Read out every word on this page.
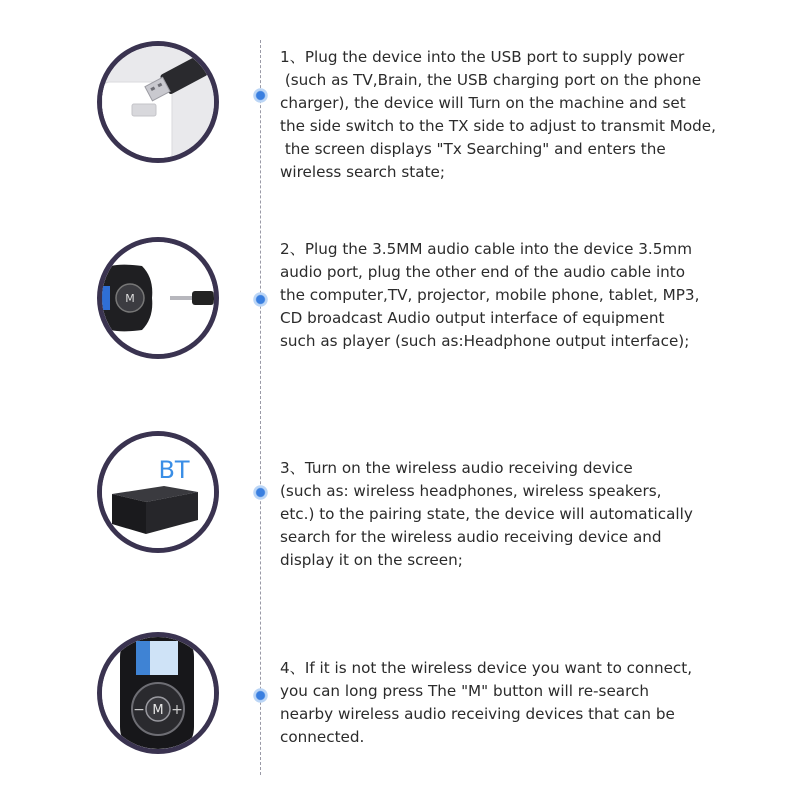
M
BT
M
− +

1、Plug the device into the USB port to supply power
(such as TV,Brain, the USB charging port on the phone
charger), the device will Turn on the machine and set
the side switch to the TX side to adjust to transmit Mode,
the screen displays "Tx Searching" and enters the
wireless search state;

2、Plug the 3.5MM audio cable into the device 3.5mm
audio port, plug the other end of the audio cable into
the computer,TV, projector, mobile phone, tablet, MP3,
CD broadcast Audio output interface of equipment
such as player (such as:Headphone output interface);

3、Turn on the wireless audio receiving device
(such as: wireless headphones, wireless speakers,
etc.) to the pairing state, the device will automatically
search for the wireless audio receiving device and
display it on the screen;

4、If it is not the wireless device you want to connect,
you can long press The "M" button will re-search
nearby wireless audio receiving devices that can be
connected.
